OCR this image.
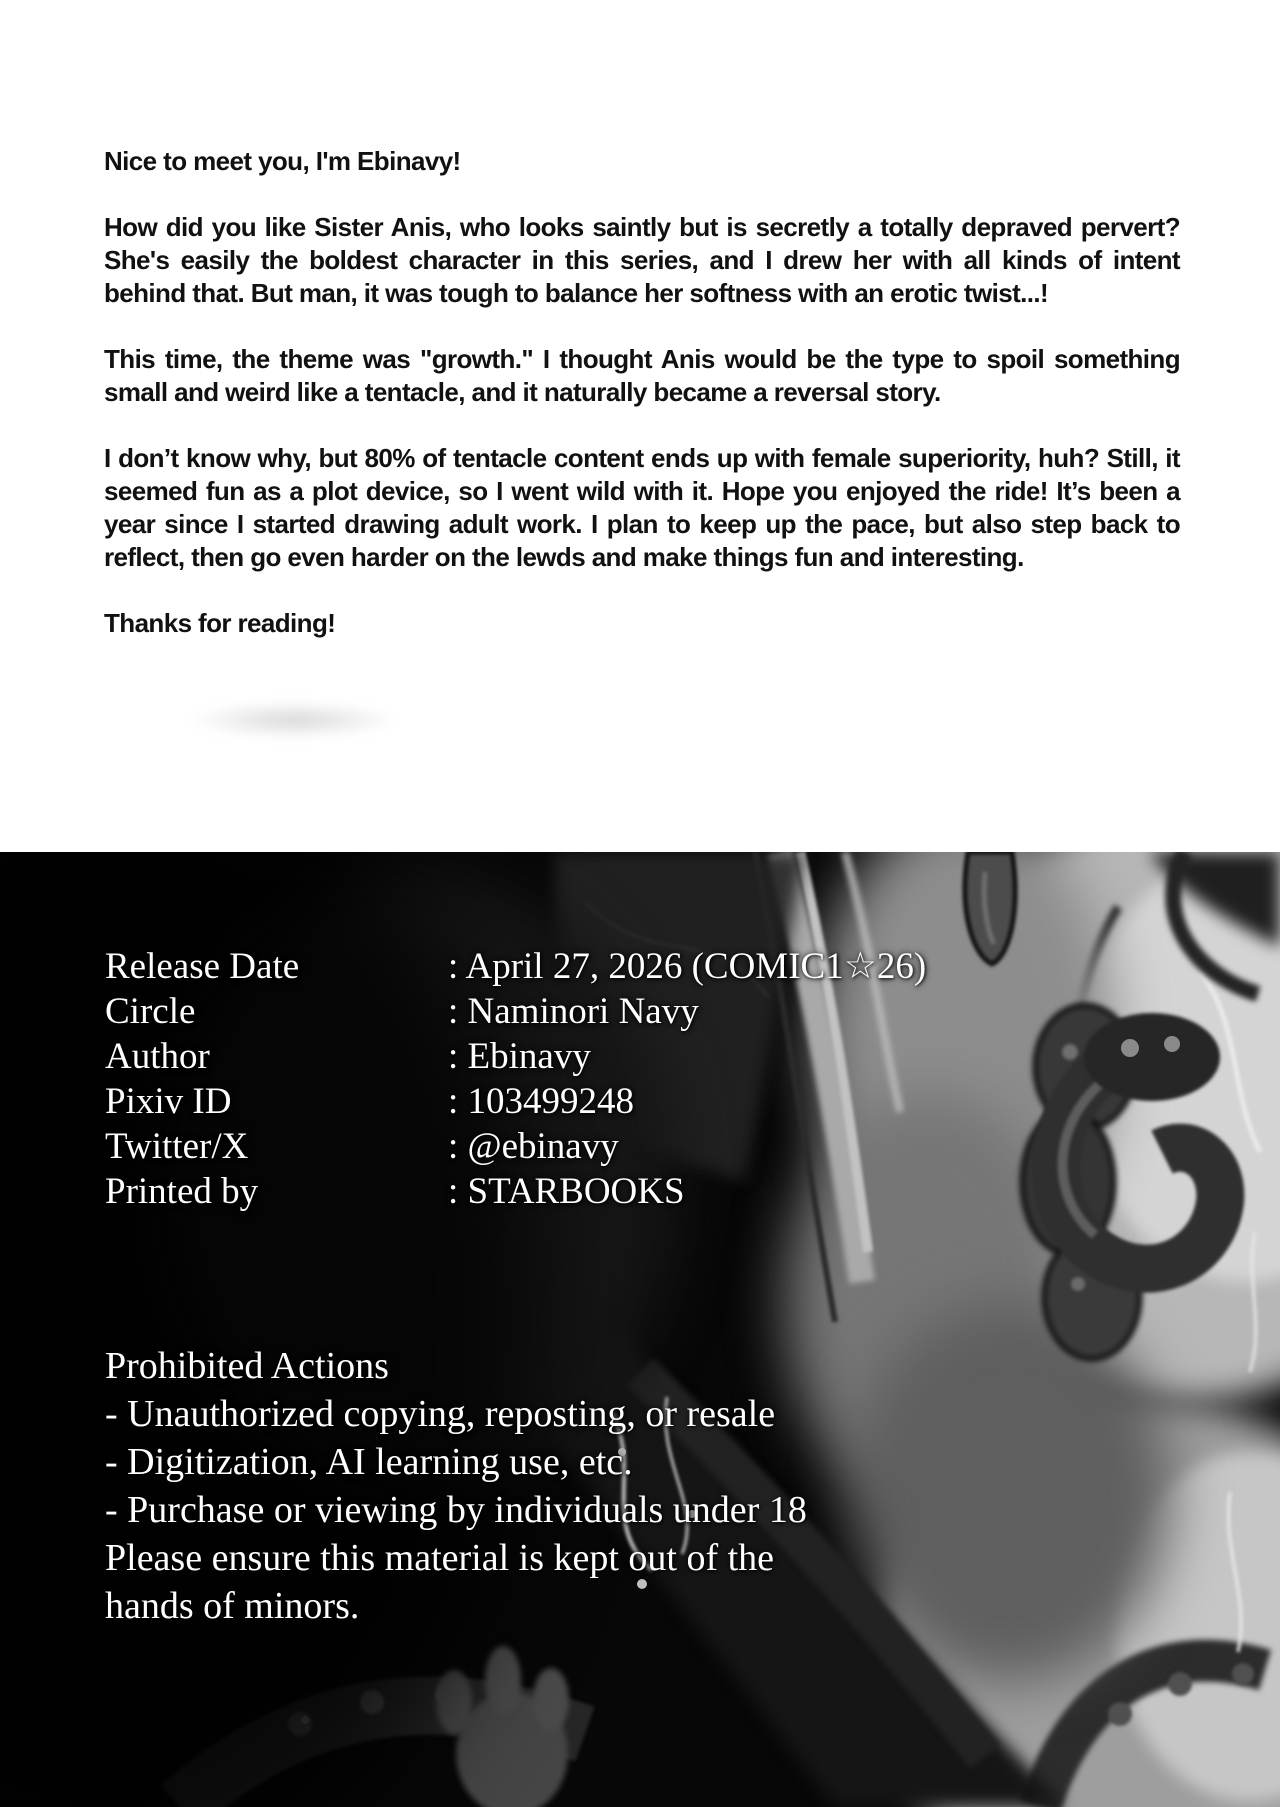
Nice to meet you, I'm Ebinavy!

How did you like Sister Anis, who looks saintly but is secretly a totally depraved pervert? She's easily the boldest character in this series, and I drew her with all kinds of intent behind that. But man, it was tough to balance her softness with an erotic twist...!

This time, the theme was "growth." I thought Anis would be the type to spoil something small and weird like a tentacle, and it naturally became a reversal story.

I don’t know why, but 80% of tentacle content ends up with female superiority, huh? Still, it seemed fun as a plot device, so I went wild with it. Hope you enjoyed the ride! It’s been a year since I started drawing adult work. I plan to keep up the pace, but also step back to reflect, then go even harder on the lewds and make things fun and interesting.

Thanks for reading!

Release Date	: April 27, 2026 (COMIC1☆26)
Circle	: Naminori Navy
Author	: Ebinavy
Pixiv ID	: 103499248
Twitter/X	: @ebinavy
Printed by	: STARBOOKS

Prohibited Actions

- Unauthorized copying, reposting, or resale

- Digitization, AI learning use, etc.

- Purchase or viewing by individuals under 18

Please ensure this material is kept out of the

hands of minors.
